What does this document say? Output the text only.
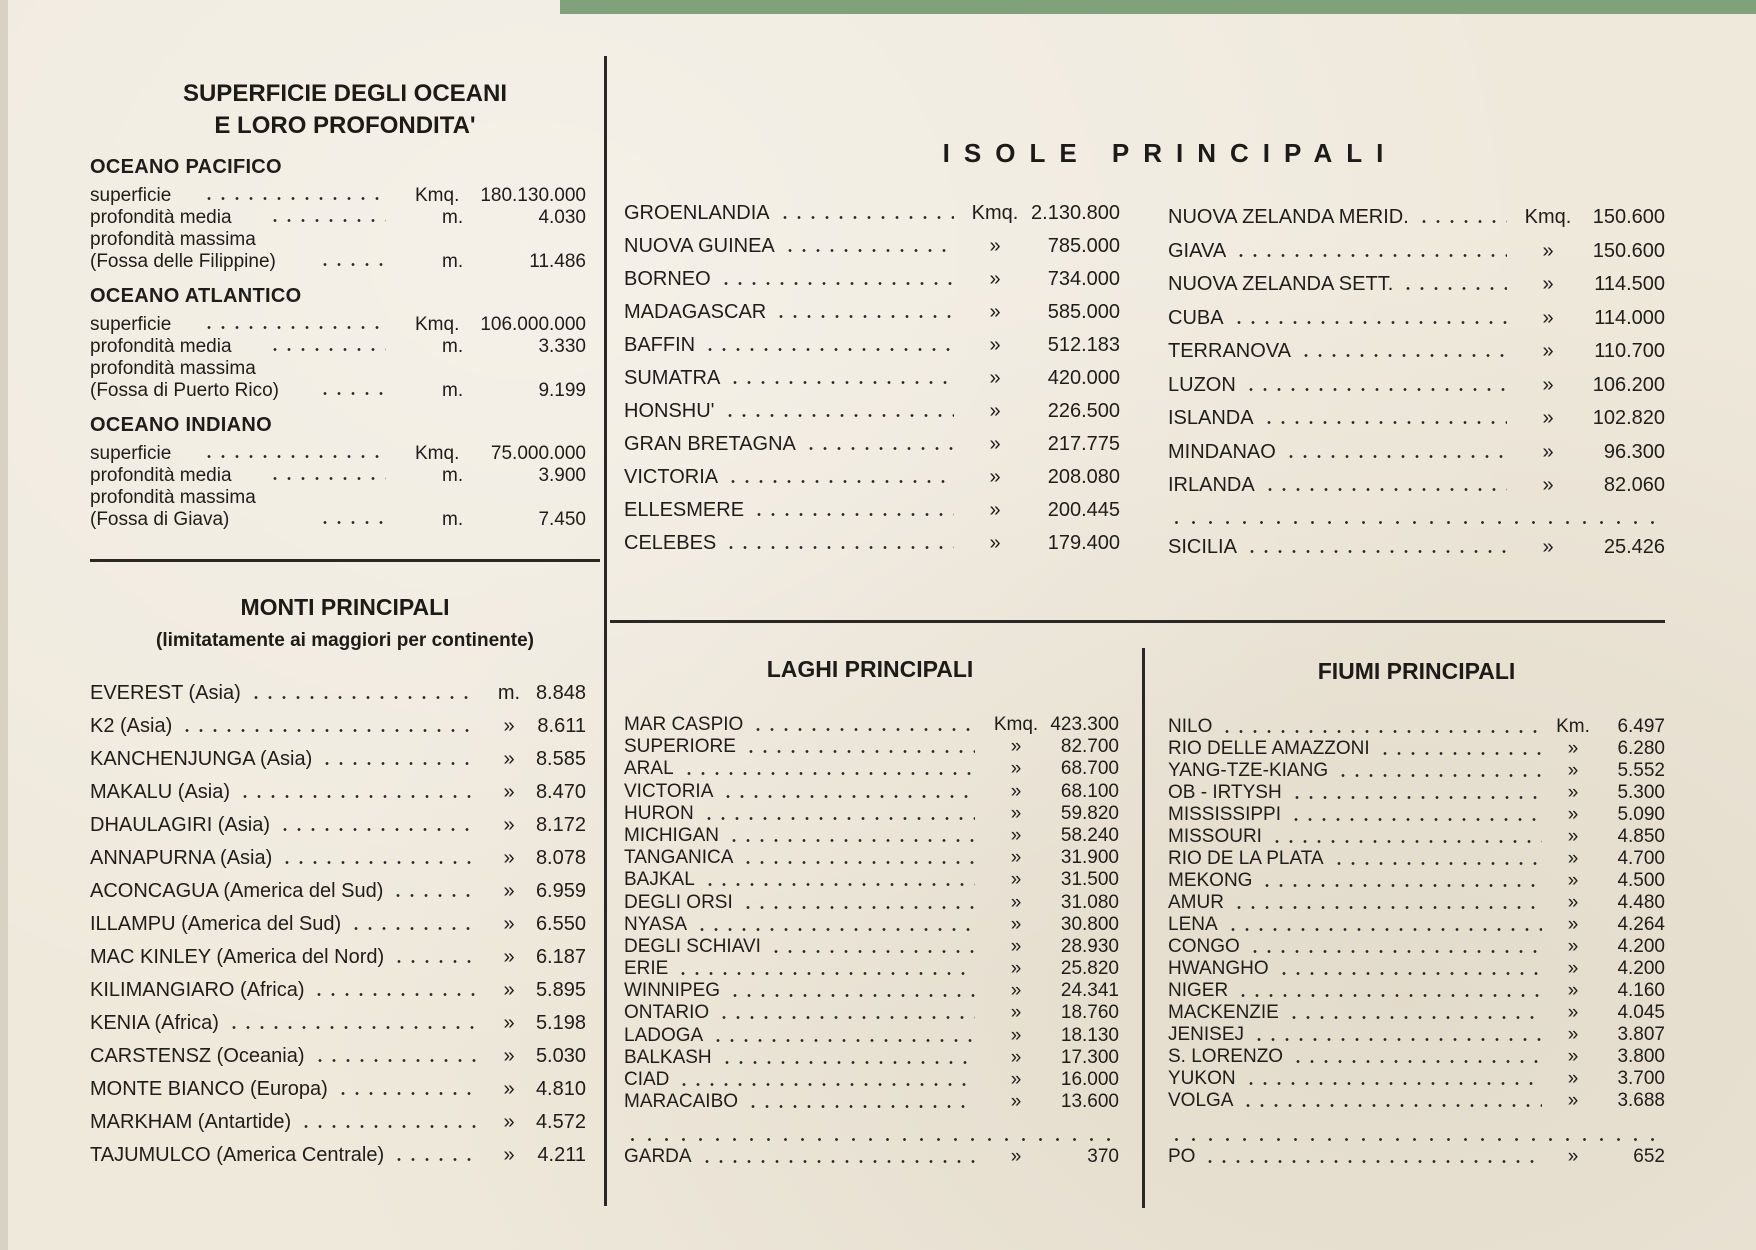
SUPERFICIE DEGLI OCEANI
E LORO PROFONDITA'
OCEANO PACIFICO
superficie	Kmq. 180.130.000
profondità media	m.	4.030
profondità massima
(Fossa delle Filippine)	m.	11.486
OCEANO ATLANTICO
superficie	Kmq. 106.000.000
profondità media	m.	3.330
profondità massima
(Fossa di Puerto Rico)	m.	9.199
OCEANO INDIANO
superficie	Kmq. 75.000.000
profondità media	m.	3.900
profondità massima
(Fossa di Giava)	m.	7.450
MONTI PRINCIPALI
(limitatamente ai maggiori per continente)
EVEREST (Asia)	m. 8.848
K2 (Asia)	»	8.611
KANCHENJUNGA (Asia)	»	8.585
MAKALU (Asia)	»	8.470
DHAULAGIRI (Asia)	»	8.172
ANNAPURNA (Asia)	»	8.078
ACONCAGUA (America del Sud)	»	6.959
ILLAMPU (America del Sud)	»	6.550
MAC KINLEY (America del Nord)	»	6.187
KILIMANGIARO (Africa)	»	5.895
KENIA (Africa)	»	5.198
CARSTENSZ (Oceania)	»	5.030
MONTE BIANCO (Europa)	»	4.810
MARKHAM (Antartide)	»	4.572
TAJUMULCO (America Centrale)	»	4.211
ISOLE PRINCIPALI
GROENLANDIA	Kmq. 2.130.800
NUOVA GUINEA	»	785.000
BORNEO	»	734.000
MADAGASCAR	»	585.000
BAFFIN	»	512.183
SUMATRA	»	420.000
HONSHU'	»	226.500
GRAN BRETAGNA	»	217.775
VICTORIA	»	208.080
ELLESMERE	»	200.445
CELEBES	»	179.400
NUOVA ZELANDA MERID.	Kmq.	150.600
GIAVA	»	150.600
NUOVA ZELANDA SETT.	»	114.500
CUBA	»	114.000
TERRANOVA	»	110.700
LUZON	»	106.200
ISLANDA	»	102.820
MINDANAO	»	96.300
IRLANDA	»	82.060
SICILIA	»	25.426
LAGHI PRINCIPALI
MAR CASPIO	Kmq. 423.300
SUPERIORE	»	82.700
ARAL	»	68.700
VICTORIA	»	68.100
HURON	»	59.820
MICHIGAN	»	58.240
TANGANICA	»	31.900
BAJKAL	»	31.500
DEGLI ORSI	»	31.080
NYASA	»	30.800
DEGLI SCHIAVI	»	28.930
ERIE	»	25.820
WINNIPEG	»	24.341
ONTARIO	»	18.760
LADOGA	»	18.130
BALKASH	»	17.300
CIAD	»	16.000
MARACAIBO	»	13.600
GARDA	»	370
FIUMI PRINCIPALI
NILO	Km.	6.497
RIO DELLE AMAZZONI	»	6.280
YANG-TZE-KIANG	»	5.552
OB - IRTYSH	»	5.300
MISSISSIPPI	»	5.090
MISSOURI	»	4.850
RIO DE LA PLATA	»	4.700
MEKONG	»	4.500
AMUR	»	4.480
LENA	»	4.264
CONGO	»	4.200
HWANGHO	»	4.200
NIGER	»	4.160
MACKENZIE	»	4.045
JENISEJ	»	3.807
S. LORENZO	»	3.800
YUKON	»	3.700
VOLGA	»	3.688
PO	»	652
